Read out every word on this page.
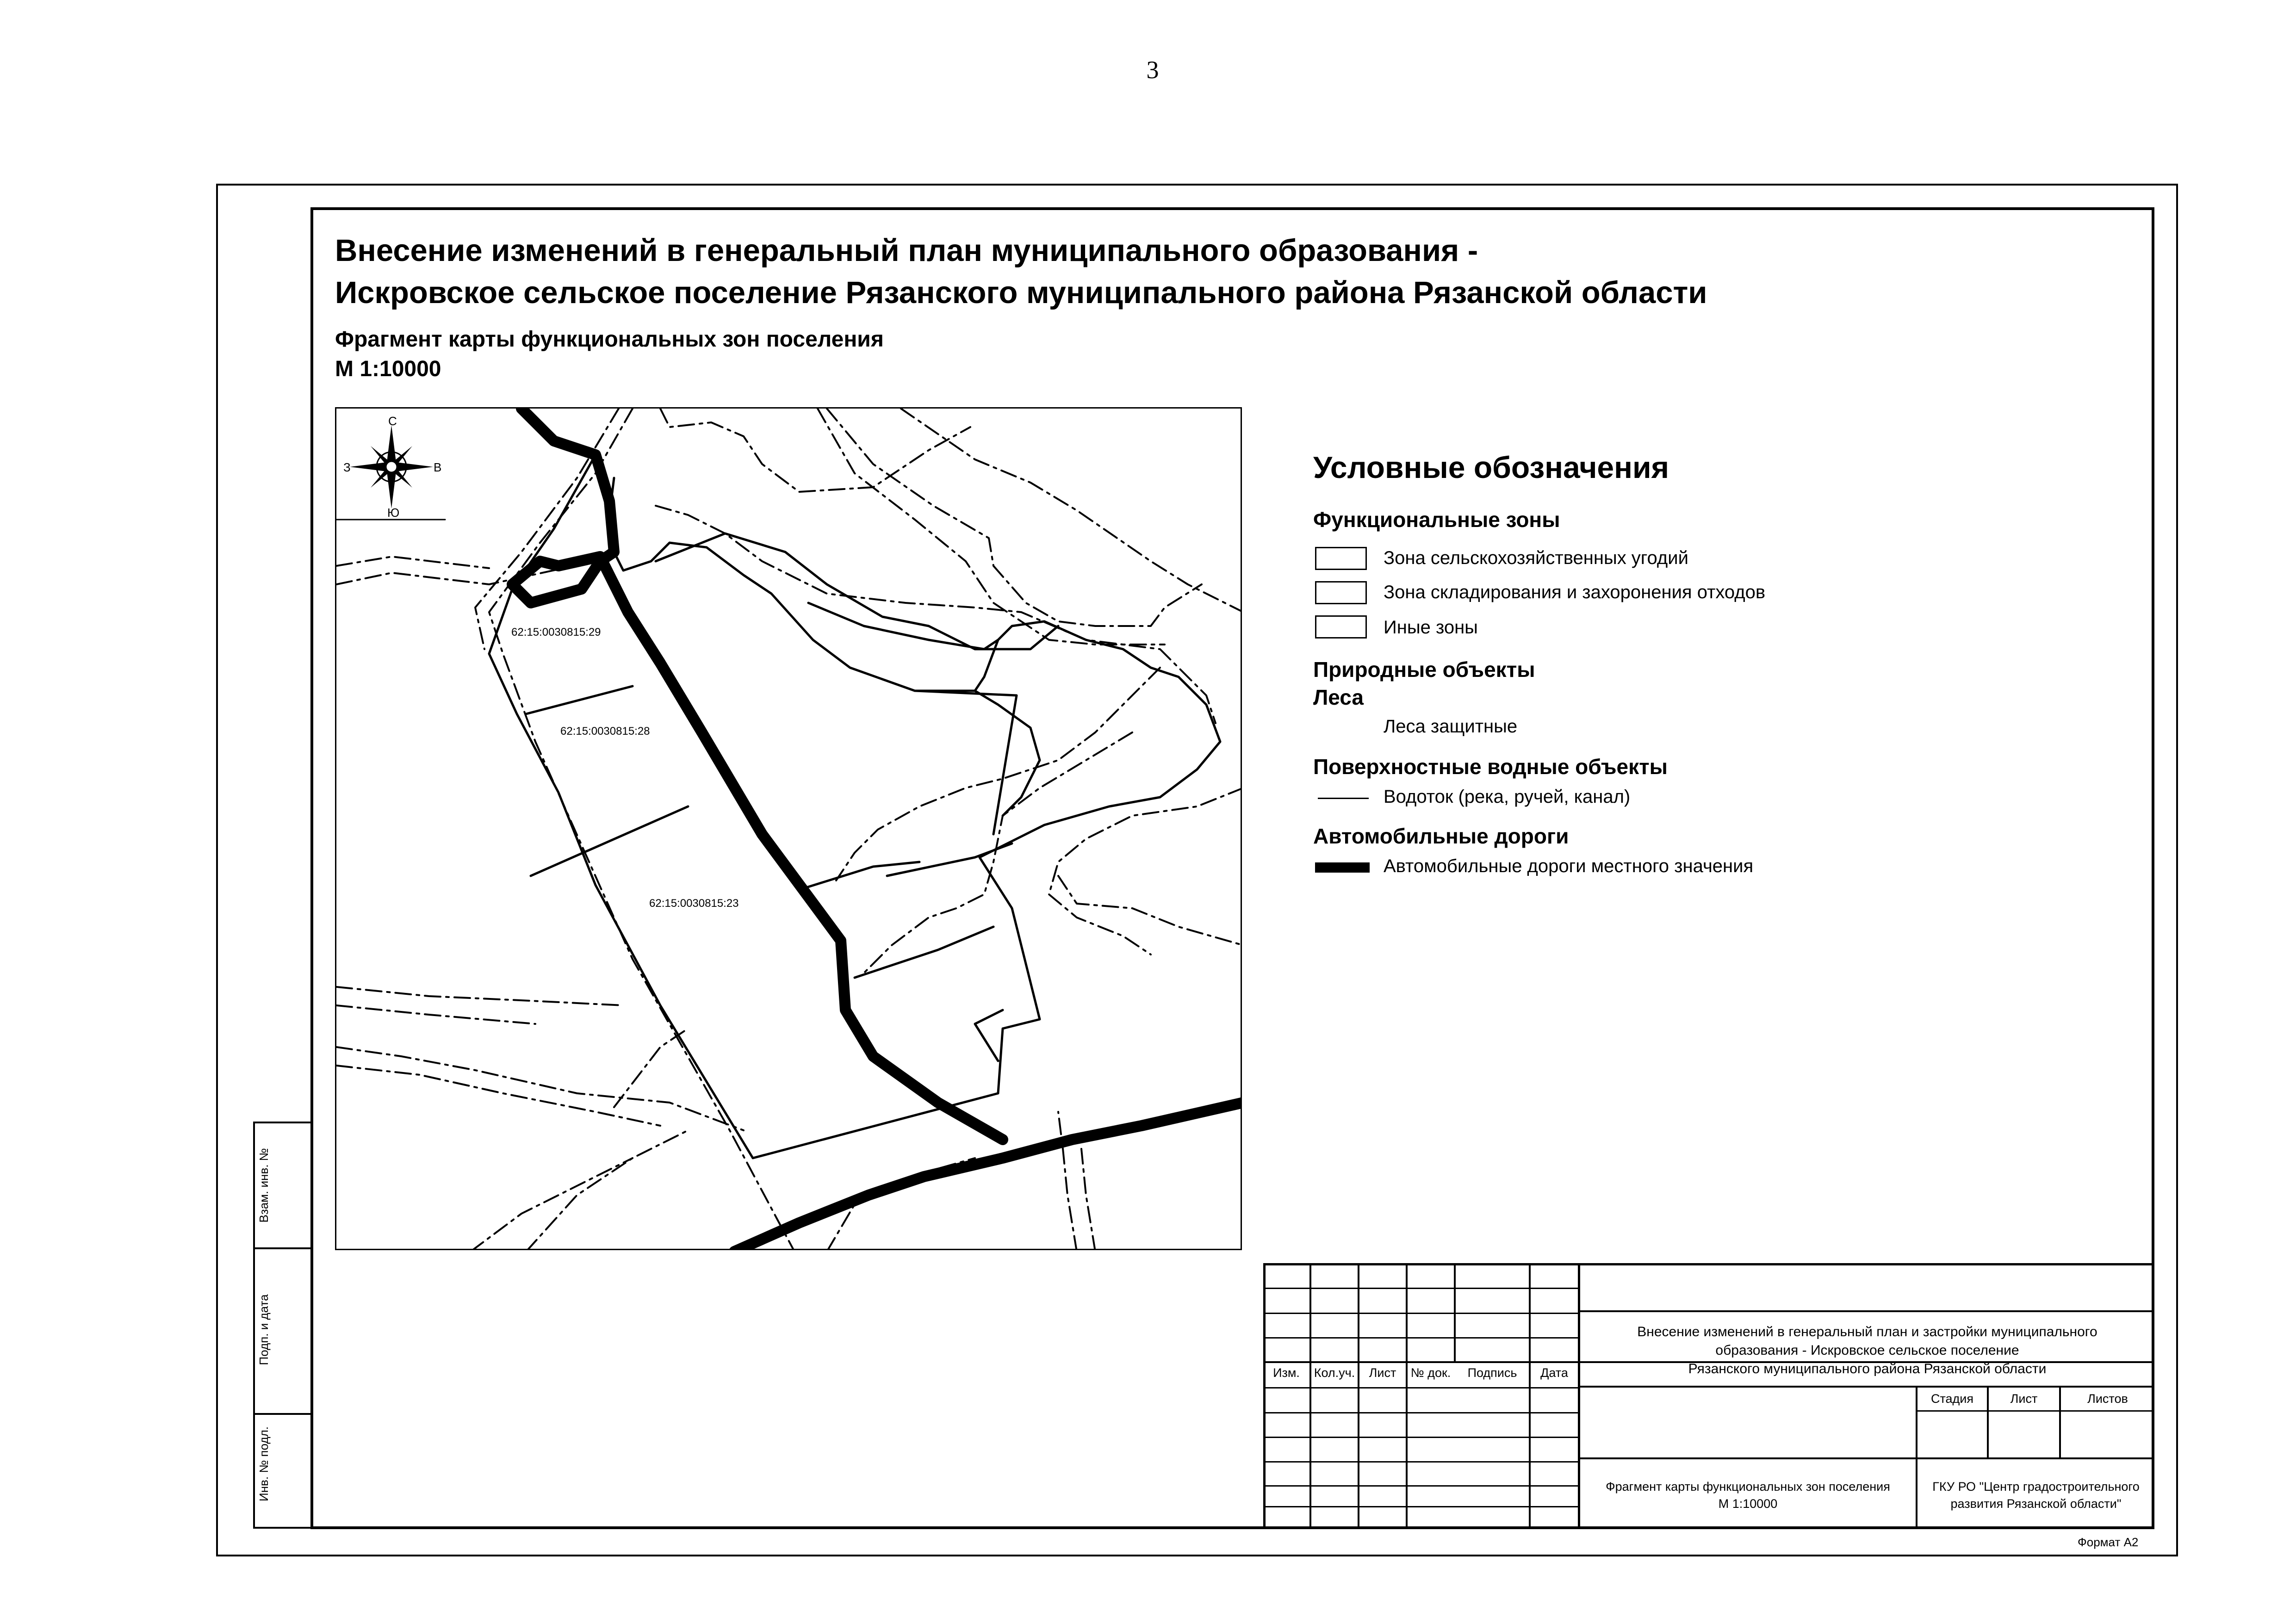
3
Внесение изменений в генеральный план муниципального образования -
Искровское сельское поселение Рязанского муниципального района Рязанской области
Фрагмент карты функциональных зон поселения
М 1:10000
С
В
Ю
З
62:15:0030815:29
62:15:0030815:28
62:15:0030815:23
Условные обозначения
Функциональные зоны
Зона сельскохозяйственных угодий
Зона складирования и захоронения отходов
Иные зоны
Природные объекты
Леса
Леса защитные
Поверхностные водные объекты
Водоток (река, ручей, канал)
Автомобильные дороги
Автомобильные дороги местного значения
Инв. № подл.
Подп. и дата
Взам. инв. №
Изм.	Кол.уч.	Лист	№ док.	Подпись	Дата
Внесение изменений в генеральный план и застройки муниципального
образования - Искровское сельское поселение
Рязанского муниципального района Рязанской области
Стадия	Лист	Листов
Фрагмент карты функциональных зон поселения
М 1:10000
ГКУ РО "Центр градостроительного
развития Рязанской области"
Формат А2
